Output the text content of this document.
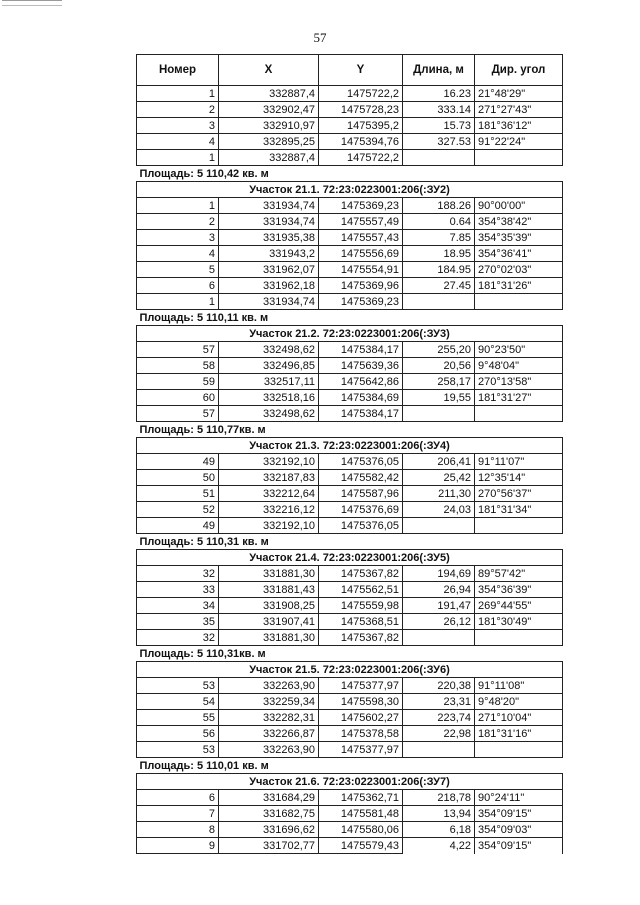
57
Номер	X	Y	Длина, м	Дир. угол
1	332887,4	1475722,2	16.23	21°48'29"
2	332902,47	1475728,23	333.14	271°27'43"
3	332910,97	1475395,2	15.73	181°36'12"
4	332895,25	1475394,76	327.53	91°22'24"
1	332887,4	1475722,2		
Площадь: 5 110,42 кв. м				
Участок 21.1. 72:23:0223001:206(:ЗУ2)				
1	331934,74	1475369,23	188.26	90°00'00"
2	331934,74	1475557,49	0.64	354°38'42"
3	331935,38	1475557,43	7.85	354°35'39"
4	331943,2	1475556,69	18.95	354°36'41"
5	331962,07	1475554,91	184.95	270°02'03"
6	331962,18	1475369,96	27.45	181°31'26"
1	331934,74	1475369,23		
Площадь: 5 110,11 кв. м				
Участок 21.2. 72:23:0223001:206(:ЗУ3)				
57	332498,62	1475384,17	255,20	90°23'50"
58	332496,85	1475639,36	20,56	9°48'04"
59	332517,11	1475642,86	258,17	270°13'58"
60	332518,16	1475384,69	19,55	181°31'27"
57	332498,62	1475384,17		
Площадь: 5 110,77кв. м				
Участок 21.3. 72:23:0223001:206(:ЗУ4)				
49	332192,10	1475376,05	206,41	91°11'07"
50	332187,83	1475582,42	25,42	12°35'14"
51	332212,64	1475587,96	211,30	270°56'37"
52	332216,12	1475376,69	24,03	181°31'34"
49	332192,10	1475376,05		
Площадь: 5 110,31 кв. м				
Участок 21.4. 72:23:0223001:206(:ЗУ5)				
32	331881,30	1475367,82	194,69	89°57'42"
33	331881,43	1475562,51	26,94	354°36'39"
34	331908,25	1475559,98	191,47	269°44'55"
35	331907,41	1475368,51	26,12	181°30'49"
32	331881,30	1475367,82		
Площадь: 5 110,31кв. м				
Участок 21.5. 72:23:0223001:206(:ЗУ6)				
53	332263,90	1475377,97	220,38	91°11'08"
54	332259,34	1475598,30	23,31	9°48'20"
55	332282,31	1475602,27	223,74	271°10'04"
56	332266,87	1475378,58	22,98	181°31'16"
53	332263,90	1475377,97		
Площадь: 5 110,01 кв. м				
Участок 21.6. 72:23:0223001:206(:ЗУ7)				
6	331684,29	1475362,71	218,78	90°24'11"
7	331682,75	1475581,48	13,94	354°09'15"
8	331696,62	1475580,06	6,18	354°09'03"
9	331702,77	1475579,43	4,22	354°09'15"
